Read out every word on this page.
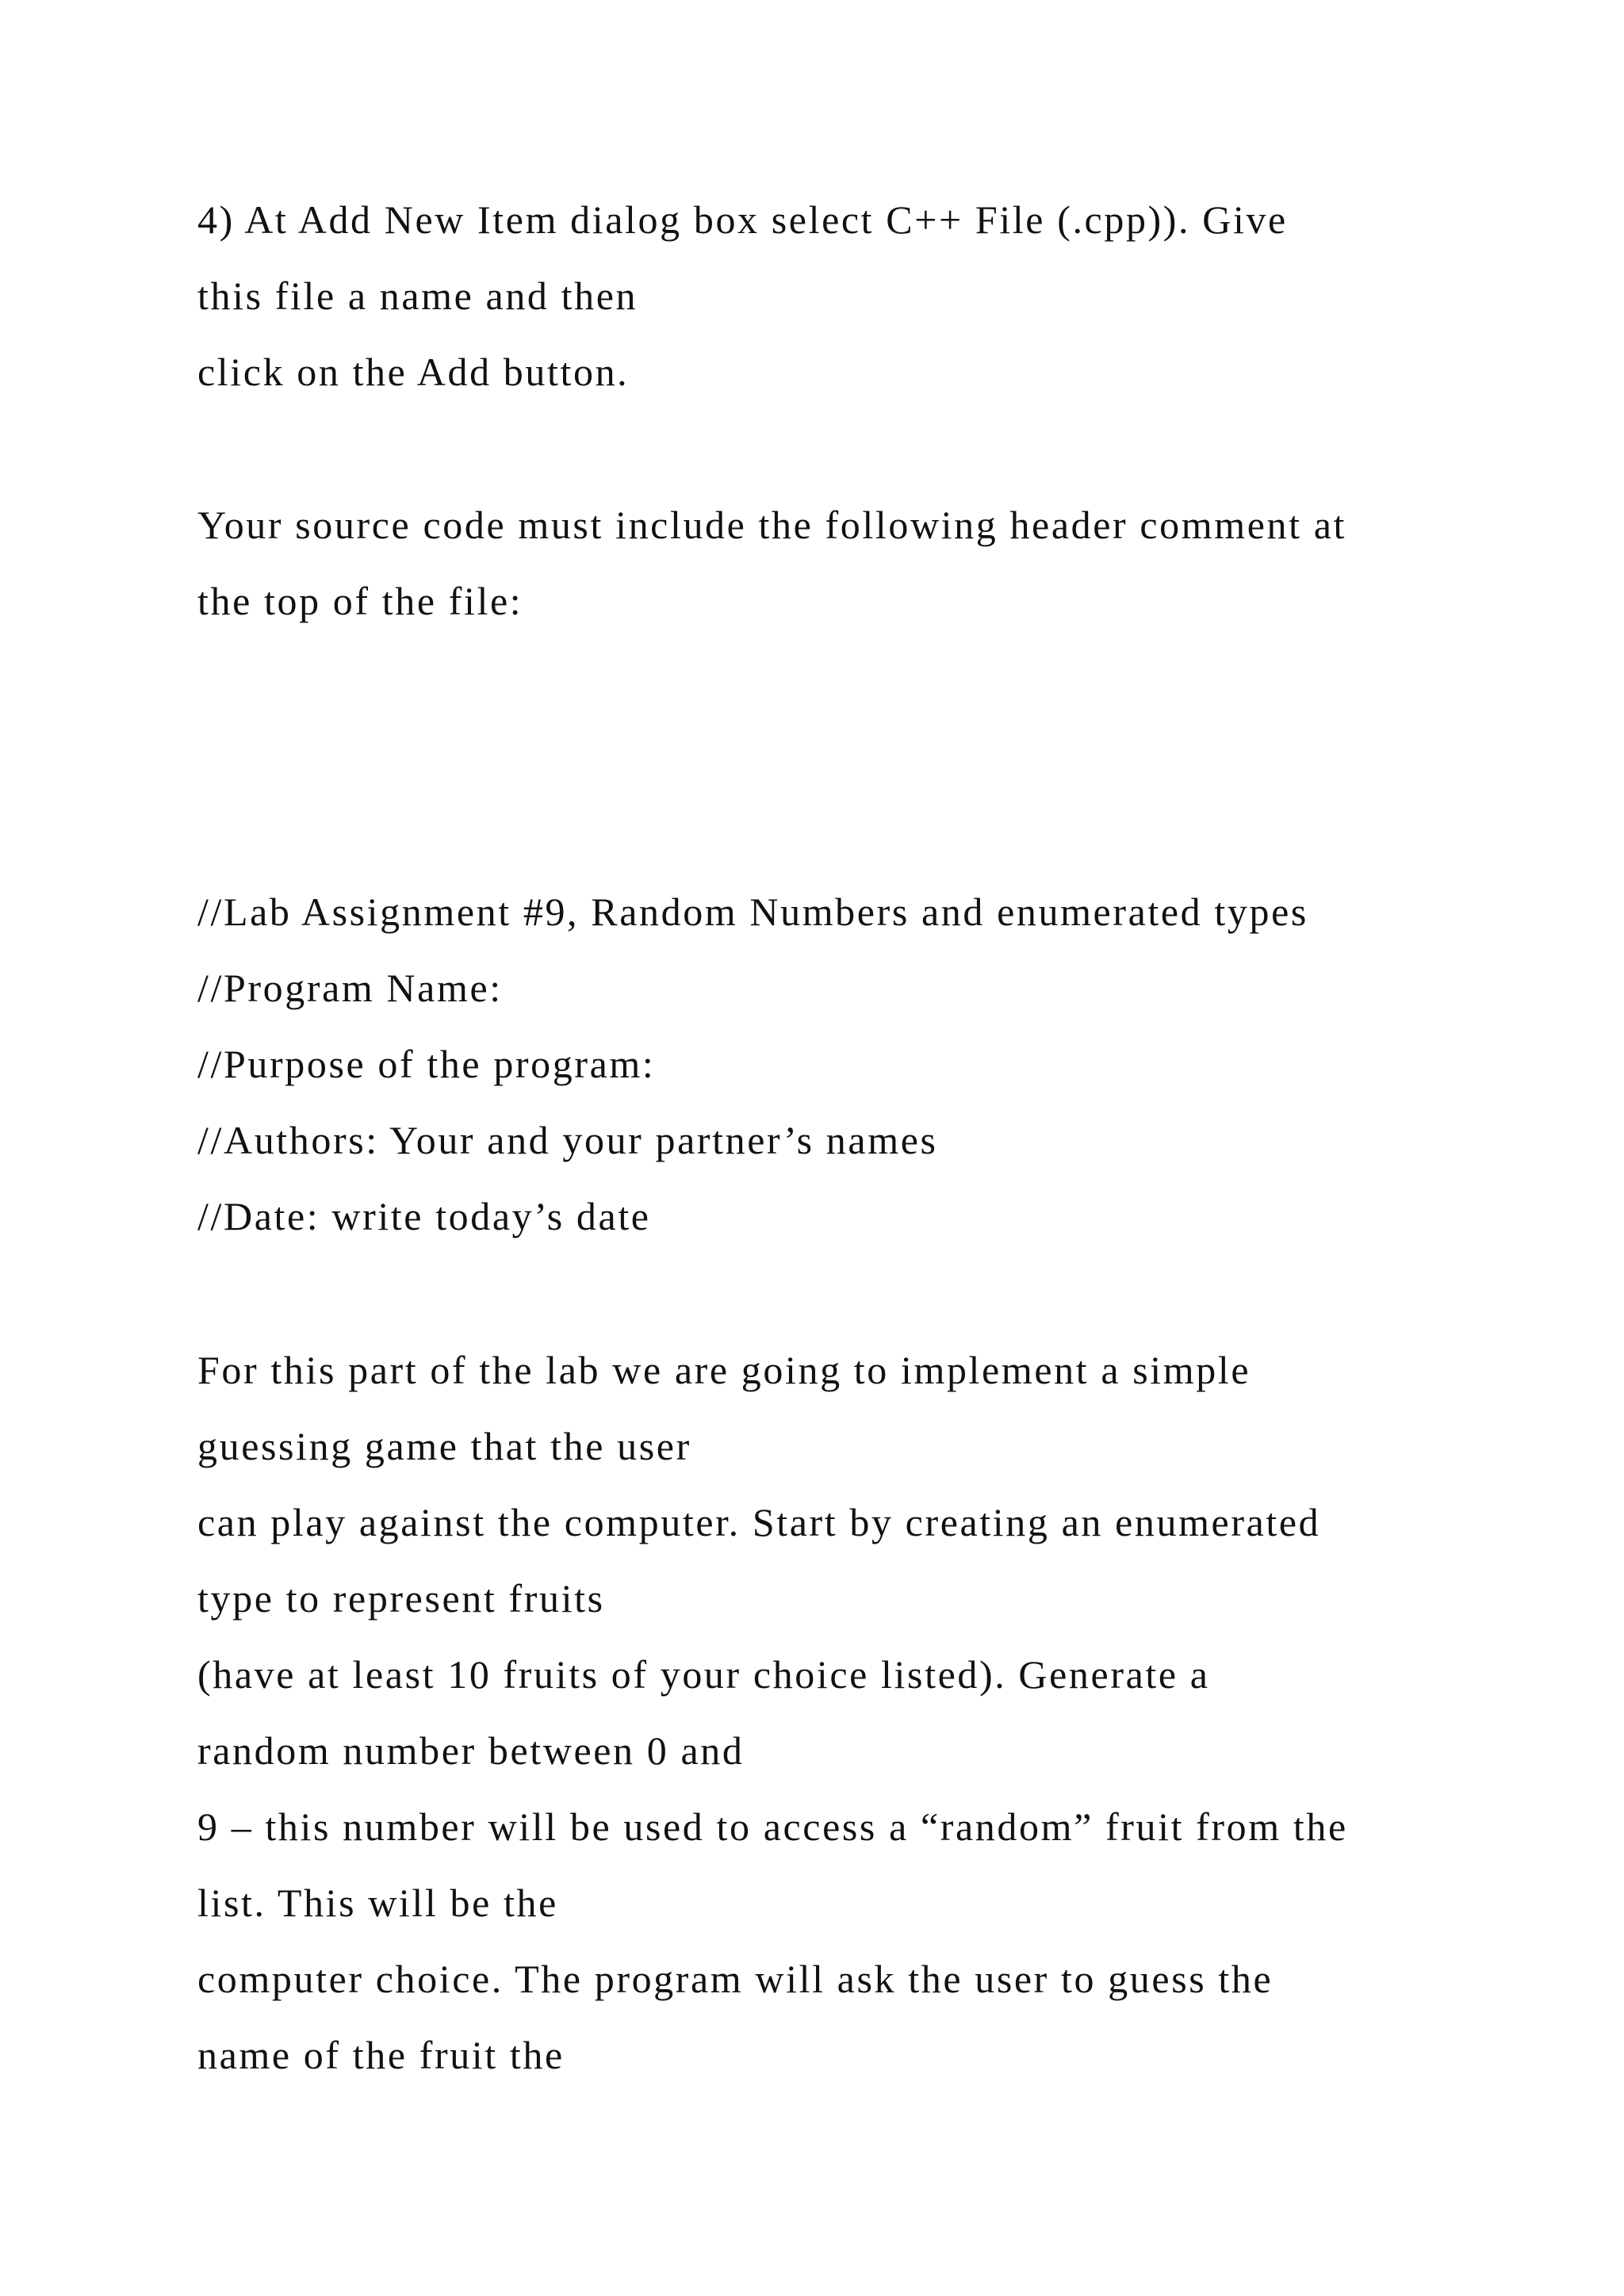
4) At Add New Item dialog box select C++ File (.cpp)). Give
this file a name and then
click on the Add button.
Your source code must include the following header comment at
the top of the file:
//Lab Assignment #9, Random Numbers and enumerated types
//Program Name:
//Purpose of the program:
//Authors: Your and your partner’s names
//Date: write today’s date
For this part of the lab we are going to implement a simple
guessing game that the user
can play against the computer. Start by creating an enumerated
type to represent fruits
(have at least 10 fruits of your choice listed). Generate a
random number between 0 and
9 – this number will be used to access a “random” fruit from the
list. This will be the
computer choice. The program will ask the user to guess the
name of the fruit the
